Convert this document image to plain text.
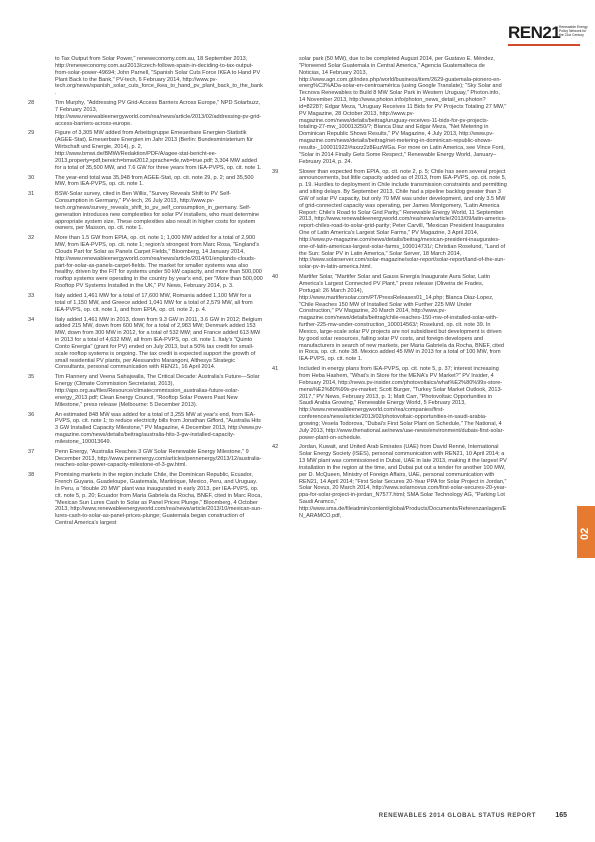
REN21
Renewable Energy Policy Network for the 21st Century
to Tax Output from Solar Power," reneweconomy.com.au, 18 September 2013, http://reneweconomy.com.au/2013/czech-follows-spain-in-deciding-to-tax-output-from-solar-power-49694; John Parnell, "Spanish Solar Cuts Force IKEA to Hand PV Plant Back to the Bank," PV-tech, 6 February 2014, http://www.pv-tech.org/news/spanish_solar_cuts_force_ikea_to_hand_pv_plant_back_to_the_bank.
28	Tim Murphy, "Addressing PV Grid-Access Barriers Across Europe," NPD Solarbuzz, 7 February 2013, http://www.renewableenergyworld.com/rea/news/article/2013/02/addressing-pv-grid-access-barriers-across-europe.
29	Figure of 3,305 MW added from Arbeitsgruppe Erneuerbare Energien-Statistik (AGEE-Stat), Erneuerbare Energien im Jahr 2013 (Berlin: Bundesministerium für Wirtschaft und Energie, 2014), p. 2, http://www.bmwi.de/BMWi/Redaktion/PDF/A/agee-stat-bericht-ee-2013,property=pdf,bereich=bmwi2012,sprache=de,rwb=true.pdf; 3,304 MW added for a total of 35,500 MW, and 7.6 GW for three years from IEA-PVPS, op. cit. note 1.
30	The year-end total was 35,948 from AGEE-Stat, op. cit. note 29, p. 2; and 35,500 MW, from IEA-PVPS, op. cit. note 1.
31	BSW-Solar survey, cited in Ben Willis, "Survey Reveals Shift to PV Self-Consumption in Germany," PV-tech, 26 July 2013, http://www.pv-tech.org/news/survey_reveals_shift_to_pv_self_consumption_in_germany. Self-generation introduces new complexities for solar PV installers, who must determine appropriate system size. These complexities also result in higher costs for system owners, per Masson, op. cit. note 1.
32	More than 1.5 GW from EPIA, op. cit. note 1; 1,000 MW added for a total of 2,900 MW, from IEA-PVPS, op. cit. note 1; region's strongest from Marc Rosa, "England's Clouds Part for Solar as Panels Carpet Fields," Bloomberg, 14 January 2014, http://www.renewableenergyworld.com/rea/news/article/2014/01/englands-clouds-part-for-solar-as-panels-carpet-fields. The market for smaller systems was also healthy, driven by the FIT for systems under 50 kW capacity, and more than 500,000 rooftop systems were operating in the country by year's end, per "More than 500,000 Rooftop PV Systems Installed in the UK," PV News, February 2014, p. 3.
33	Italy added 1,461 MW for a total of 17,600 MW, Romania added 1,100 MW for a total of 1,150 MW, and Greece added 1,041 MW for a total of 2,579 MW, all from IEA-PVPS, op. cit. note 1, and from EPIA, op. cit. note 2, p. 4.
34	Italy added 1,461 MW in 2013, down from 9.3 GW in 2011, 3.6 GW in 2012; Belgium added 215 MW, down from 600 MW, for a total of 2,983 MW; Denmark added 153 MW, down from 300 MW in 2012, for a total of 532 MW; and France added 613 MW in 2013 for a total of 4,632 MW, all from IEA-PVPS, op. cit. note 1. Italy's "Quinto Conto Energia" (grant for PV) ended on July 2013, but a 50% tax credit for small-scale rooftop systems is ongoing. The tax credit is expected support the growth of small residential PV plants, per Alessandro Marangoni, Althesys Strategic Consultants, personal communication with REN21, 16 April 2014.
35	Tim Flannery and Veena Sahajwalla, The Critical Decade: Australia's Future—Solar Energy (Climate Commission Secretariat, 2013), http://apo.org.au/files/Resource/climatecommission_australias-future-solar-energy_2013.pdf; Clean Energy Council, "Rooftop Solar Powers Past New Milestone," press release (Melbourne: 5 December 2013).
36	An estimated 848 MW was added for a total of 3,255 MW at year's end, from IEA-PVPS, op. cit. note 1; to reduce electricity bills from Jonathan Gifford, "Australia Hits 3 GW Installed Capacity Milestone," PV Magazine, 4 December 2013, http://www.pv-magazine.com/news/details/beitrag/australia-hits-3-gw-installed-capacity-milestone_100013649.
37	Penn Energy, "Australia Reaches 3 GW Solar Renewable Energy Milestone," 9 December 2013, http://www.pennenergy.com/articles/pennenergy/2013/12/australia-reaches-solar-power-capacity-milestone-of-3-gw.html.
38	Promising markets in the region include Chile, the Dominican Republic, Ecuador, French Guyana, Guadeloupe, Guatemala, Martinique, Mexico, Peru, and Uruguay. In Peru, a "double 20 MW" plant was inaugurated in early 2013, per IEA-PVPS, op. cit. note 5, p. 20; Ecuador from Maria Gabriela da Rocha, BNEF, cited in Marc Roca, "Mexican Sun Lures Cash to Solar as Panel Prices Plunge," Bloomberg, 4 October 2013, http://www.renewableenergyworld.com/rea/news/article/2013/10/mexican-sun-lures-cash-to-solar-as-panel-prices-plunge; Guatemala began construction of Central America's largest
solar park (50 MW), due to be completed August 2014, per Gustavo E. Méndez, "Pioneered Solar Guatemala in Central America," Agencia Guatemalteca de Noticias, 14 February 2013, http://www.agn.com.gt/index.php/world/business/item/2629-guatemala-pionero-en-energ%C3%ADa-solar-en-centroamérica (using Google Translate); "Sky Solar and Tecnova Renewables to Build 8 MW Solar Park in Western Uruguay," Photon.info, 14 November 2013, http://www.photon.info/photon_news_detail_en.photon?id=82287; Edgar Meza, "Uruguay Receives 11 Bids for PV Projects Totaling 27 MW," PV Magazine, 28 October 2013, http://www.pv-magazine.com/news/details/beitrag/uruguay-receives-11-bids-for-pv-projects-totaling-27-mw_100013250/?; Blanca Diaz and Edgar Meza, "Net Metering in Dominican Republic Shows Results," PV Magazine, 4 July 2013, http://www.pv-magazine.com/news/details/beitrag/net-metering-in-dominican-republic-shows-results-_100011922/#axzz2z8EuzWGa. For more on Latin America, see Vince Font, "Solar in 2014 Finally Gets Some Respect," Renewable Energy World, January–February 2014, p. 24.
39	Slower than expected from EPIA, op. cit. note 2, p. 5; Chile has seen several project announcements, but little capacity added as of 2013, from IEA-PVPS, op. cit. note 5, p. 19. Hurdles to deployment in Chile include transmission constraints and permitting and siting delays. By September 2013, Chile had a pipeline backlog greater than 3 GW of solar PV capacity, but only 70 MW was under development, and only 3.5 MW of grid-connected capacity was operating, per James Montgomery, "Latin America Report: Chile's Road to Solar Grid Parity," Renewable Energy World, 11 September 2013, http://www.renewableenergyworld.com/rea/news/article/2013/09/latin-america-report-chiles-road-to-solar-grid-parity; Peter Carvill, "Mexican President Inaugurates One of Latin America's Largest Solar Farms," PV Magazine, 3 April 2014, http://www.pv-magazine.com/news/details/beitrag/mexican-president-inaugurates-one-of-latin-americas-largest-solar-farms_100014731/; Christian Roselund, "Land of the Sun: Solar PV in Latin America," Solar Server, 18 March 2014, http://www.solarserver.com/solar-magazine/solar-report/solar-report/land-of-the-sun-solar-pv-in-latin-america.html.
40	Martifer Solar, "Martifer Solar and Gauss Energía Inaugurate Aura Solar, Latin America's Largest Connected PV Plant," press release (Oliveira de Frades, Portugal: 26 March 2014), http://www.martifersolar.com/PT/PressReleases01_14.php; Blanca Diaz-Lopez, "Chile Reaches 150 MW of Installed Solar with Further 225 MW Under Construction," PV Magazine, 20 March 2014, http://www.pv-magazine.com/news/details/beitrag/chile-reaches-150-mw-of-installed-solar-with-further-225-mw-under-construction_100014563/; Roselund, op. cit. note 39. In Mexico, large-scale solar PV projects are not subsidised but development is driven by good solar resources, falling solar PV costs, and foreign developers and manufacturers in search of new markets, per Maria Gabriela da Rocha, BNEF, cited in Roca, op. cit. note 38. Mexico added 45 MW in 2013 for a total of 100 MW, from IEA-PVPS, op. cit. note 1.
41	Included in energy plans from IEA-PVPS, op. cit. note 5, p. 37; interest increasing from Heba Hashem, "What's in Store for the MENA's PV Market?" PV Insider, 4 February 2014, http://news.pv-insider.com/photovoltaics/what%E2%80%99s-store-mena%E2%80%99s-pv-market; Scott Burger, "Turkey Solar Market Outlook, 2013-2017," PV News, February 2013, p. 1; Matt Carr, "Photovoltaic Opportunities in Saudi Arabia Growing," Renewable Energy World, 5 February 2013, http://www.renewableenergyworld.com/rea/companies/first-conferences/news/article/2013/02/photovoltaic-opportunities-in-saudi-arabia-growing; Vesela Todorova, "Dubai's First Solar Plant on Schedule," The National, 4 July 2013, http://www.thenational.ae/news/uae-news/environment/dubais-first-solar-power-plant-on-schedule.
42	Jordan, Kuwait, and United Arab Emirates (UAE) from David Renné, International Solar Energy Society (ISES), personal communication with REN21, 10 April 2014; a 13 MW plant was commissioned in Dubai, UAE in late 2013, making it the largest PV installation in the region at the time, and Dubai put out a tender for another 100 MW, per D. McQueen, Ministry of Foreign Affairs, UAE, personal communication with REN21, 14 April 2014; "First Solar Secures 20-Year PPA for Solar Project in Jordan," Solar Novus, 20 March 2014, http://www.solarnovus.com/first-solar-secures-20-year-ppa-for-solar-project-in-jordan_N7577.html; SMA Solar Technology AG, "Parking Lot Saudi Aramco," http://www.sma.de/fileadmin/content/global/Products/Documents/Referenzanlagen/EN_ARAMCO.pdf,
02
RENEWABLES 2014 GLOBAL STATUS REPORT	165
